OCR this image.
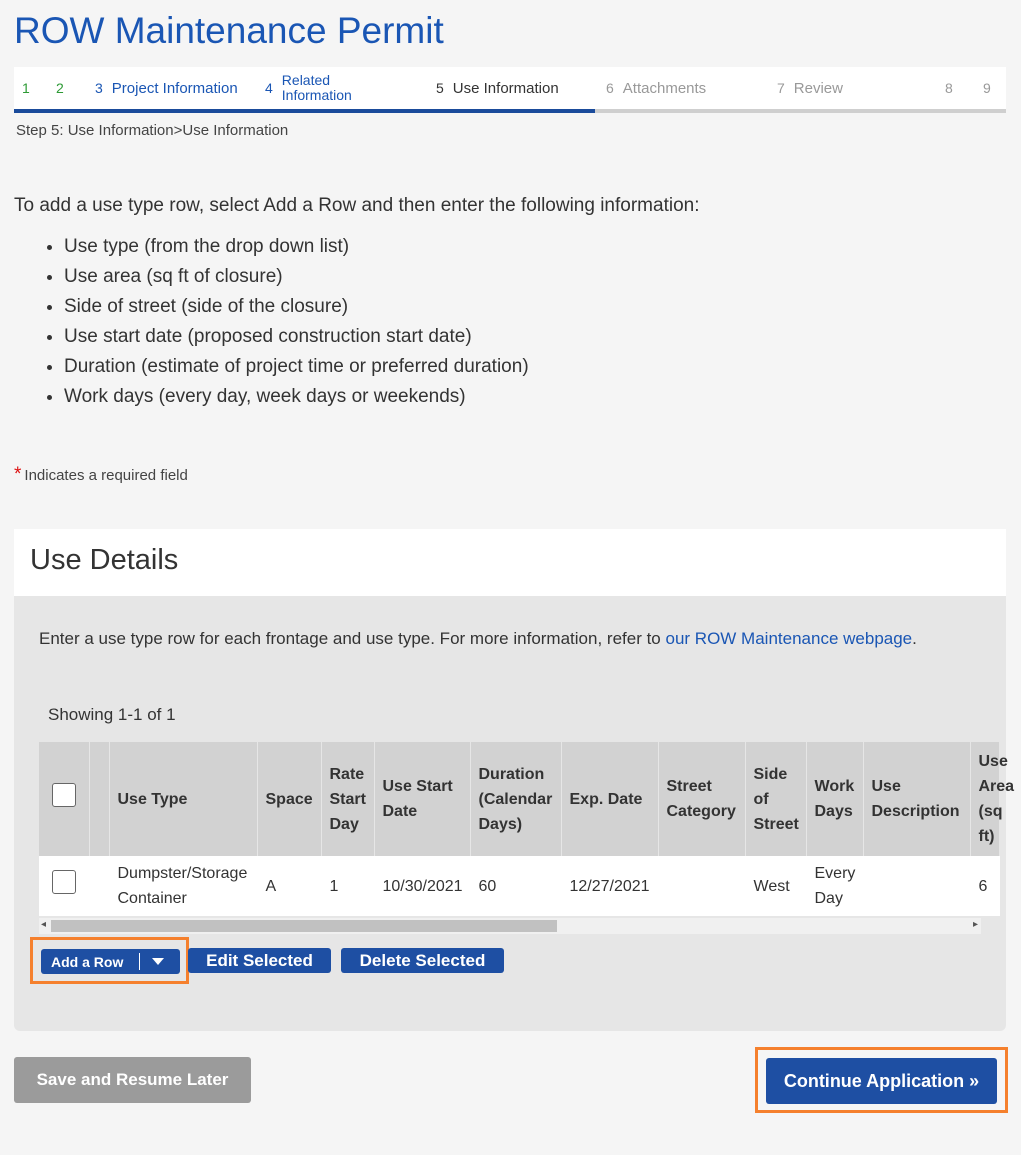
ROW Maintenance Permit
1 2 3 Project Information 4 Related Information	5 Use Information	6 Attachments	7 Review	8 9
Step 5: Use Information>Use Information
To add a use type row, select Add a Row and then enter the following information:
• Use type (from the drop down list)
• Use area (sq ft of closure)
• Side of street (side of the closure)
• Use start date (proposed construction start date)
• Duration (estimate of project time or preferred duration)
• Work days (every day, week days or weekends)
* Indicates a required field
Use Details
Enter a use type row for each frontage and use type. For more information, refer to our ROW Maintenance webpage.
Showing 1-1 of 1
		Use Type	Space	Rate Start Day	Use Start Date	Duration (Calendar Days)	Exp. Date	Street Category	Side of Street	Work Days	Use Description	Use Area (sq ft)
		Dumpster/Storage Container	A	1	10/30/2021	60	12/27/2021		West	Every Day		6
◂	▸
Add a Row	Edit Selected	Delete Selected
Save and Resume Later	Continue Application »
